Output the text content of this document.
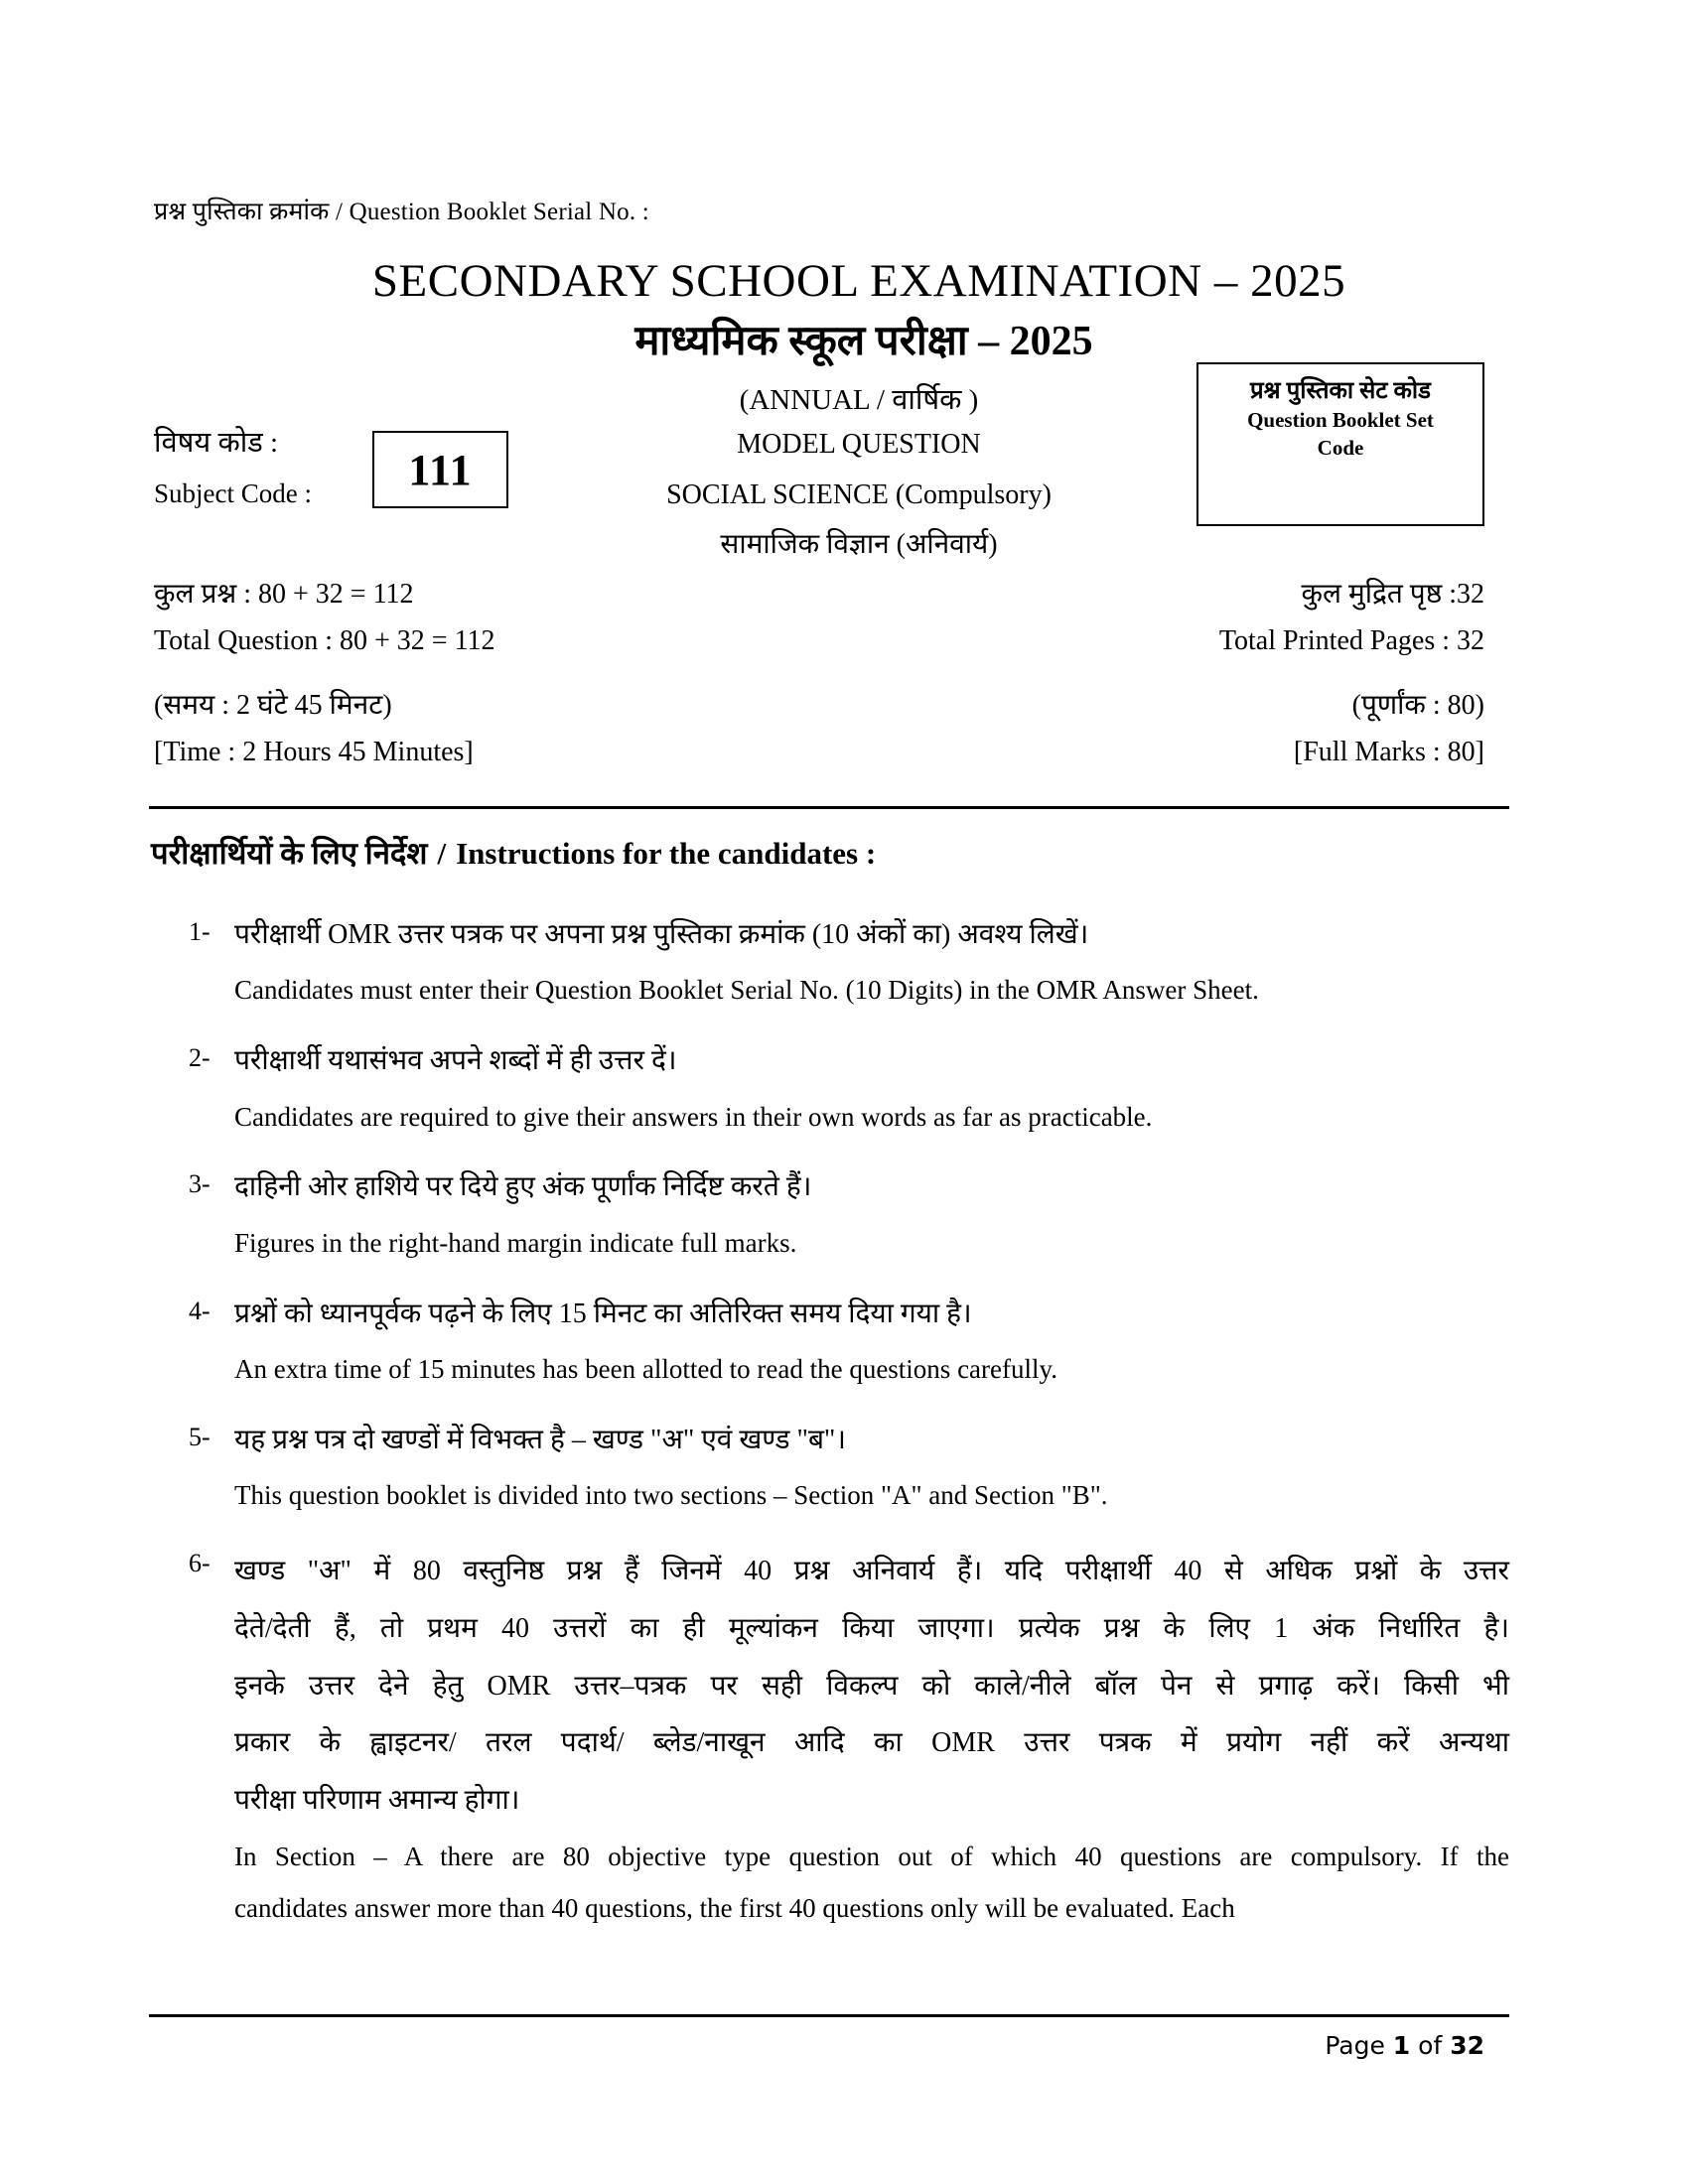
प्रश्न पुस्तिका क्रमांक / Question Booklet Serial No. :
SECONDARY SCHOOL EXAMINATION – 2025
माध्यमिक स्कूल परीक्षा – 2025
(ANNUAL / वार्षिक )
MODEL QUESTION
SOCIAL SCIENCE (Compulsory)
सामाजिक विज्ञान (अनिवार्य)
विषय कोड :
Subject Code :	111
प्रश्न पुस्तिका सेट कोड
Question Booklet Set
Code
कुल प्रश्न : 80 + 32 = 112	कुल मुद्रित पृष्ठ :32
Total Question : 80 + 32 = 112	Total Printed Pages : 32
(समय : 2 घंटे 45 मिनट)	(पूर्णांक : 80)
[Time : 2 Hours 45 Minutes]	[Full Marks : 80]
परीक्षार्थियों के लिए निर्देश / Instructions for the candidates :
1- परीक्षार्थी OMR उत्तर पत्रक पर अपना प्रश्न पुस्तिका क्रमांक (10 अंकों का) अवश्य लिखें।
Candidates must enter their Question Booklet Serial No. (10 Digits) in the OMR Answer Sheet.
2- परीक्षार्थी यथासंभव अपने शब्दों में ही उत्तर दें।
Candidates are required to give their answers in their own words as far as practicable.
3- दाहिनी ओर हाशिये पर दिये हुए अंक पूर्णांक निर्दिष्ट करते हैं।
Figures in the right-hand margin indicate full marks.
4- प्रश्नों को ध्यानपूर्वक पढ़ने के लिए 15 मिनट का अतिरिक्त समय दिया गया है।
An extra time of 15 minutes has been allotted to read the questions carefully.
5- यह प्रश्न पत्र दो खण्डों में विभक्त है – खण्ड "अ" एवं खण्ड "ब"।
This question booklet is divided into two sections – Section "A" and Section "B".
6- खण्ड "अ" में 80 वस्तुनिष्ठ प्रश्न हैं जिनमें 40 प्रश्न अनिवार्य हैं। यदि परीक्षार्थी 40 से अधिक प्रश्नों के उत्तर
देते/देती हैं, तो प्रथम 40 उत्तरों का ही मूल्यांकन किया जाएगा। प्रत्येक प्रश्न के लिए 1 अंक निर्धारित है।
इनके उत्तर देने हेतु OMR उत्तर–पत्रक पर सही विकल्प को काले/नीले बॉल पेन से प्रगाढ़ करें। किसी भी
प्रकार के ह्वाइटनर/ तरल पदार्थ/ ब्लेड/नाखून आदि का OMR उत्तर पत्रक में प्रयोग नहीं करें अन्यथा
परीक्षा परिणाम अमान्य होगा।
In Section – A there are 80 objective type question out of which 40 questions are compulsory. If the
candidates answer more than 40 questions, the first 40 questions only will be evaluated. Each
Page 1 of 32
